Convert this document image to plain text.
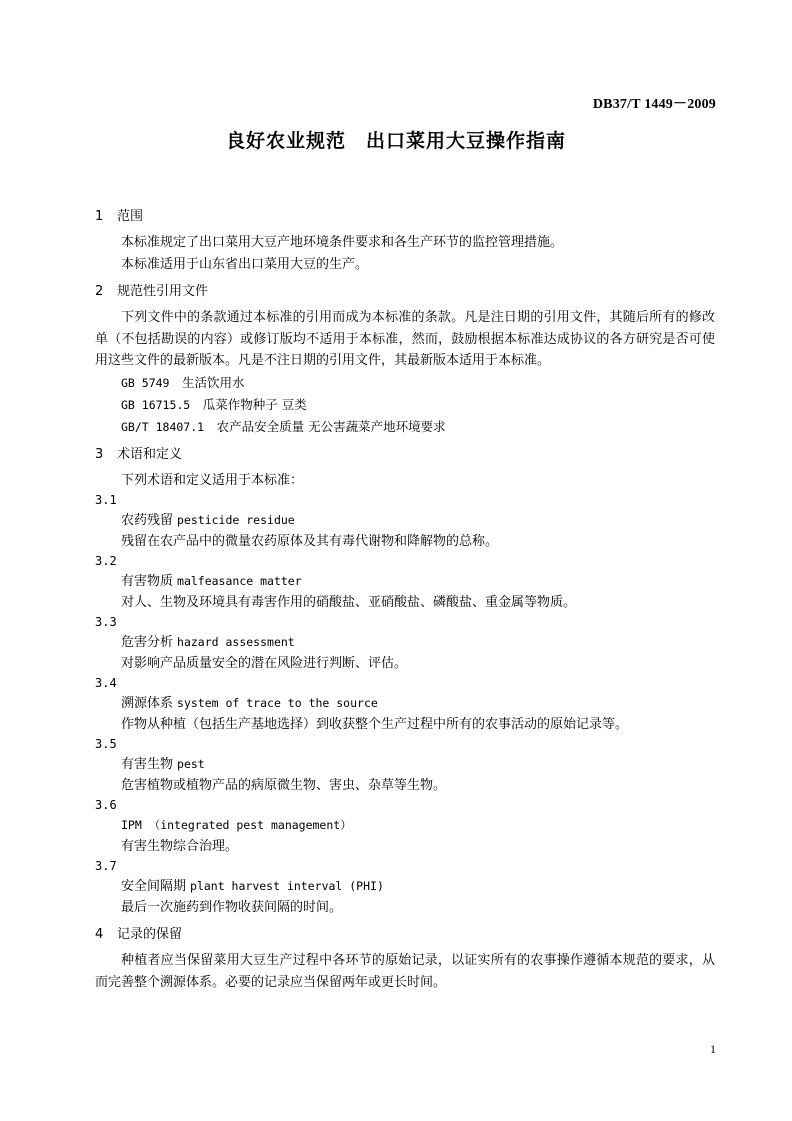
DB37/T 1449－2009
良好农业规范　出口菜用大豆操作指南
1 范围
本标准规定了出口菜用大豆产地环境条件要求和各生产环节的监控管理措施。
本标准适用于山东省出口菜用大豆的生产。
2 规范性引用文件

下列文件中的条款通过本标准的引用而成为本标准的条款。凡是注日期的引用文件，其随后所有的修改单（不包括勘误的内容）或修订版均不适用于本标准，然而，鼓励根据本标准达成协议的各方研究是否可使用这些文件的最新版本。凡是不注日期的引用文件，其最新版本适用于本标准。

GB 5749　 生活饮用水
GB 16715.5　 瓜菜作物种子 豆类
GB/T 18407.1　 农产品安全质量 无公害蔬菜产地环境要求
3 术语和定义
下列术语和定义适用于本标准：
3.1
农药残留 pesticide residue
残留在农产品中的微量农药原体及其有毒代谢物和降解物的总称。
3.2
有害物质 malfeasance matter
对人、生物及环境具有毒害作用的硝酸盐、亚硝酸盐、磷酸盐、重金属等物质。
3.3
危害分析 hazard assessment
对影响产品质量安全的潜在风险进行判断、评估。
3.4
溯源体系 system of trace to the source
作物从种植（包括生产基地选择）到收获整个生产过程中所有的农事活动的原始记录等。
3.5
有害生物 pest
危害植物或植物产品的病原微生物、害虫、杂草等生物。
3.6
IPM （integrated pest management）
有害生物综合治理。
3.7
安全间隔期 plant harvest interval (PHI)
最后一次施药到作物收获间隔的时间。
4 记录的保留

种植者应当保留菜用大豆生产过程中各环节的原始记录，以证实所有的农事操作遵循本规范的要求，从而完善整个溯源体系。必要的记录应当保留两年或更长时间。

1
